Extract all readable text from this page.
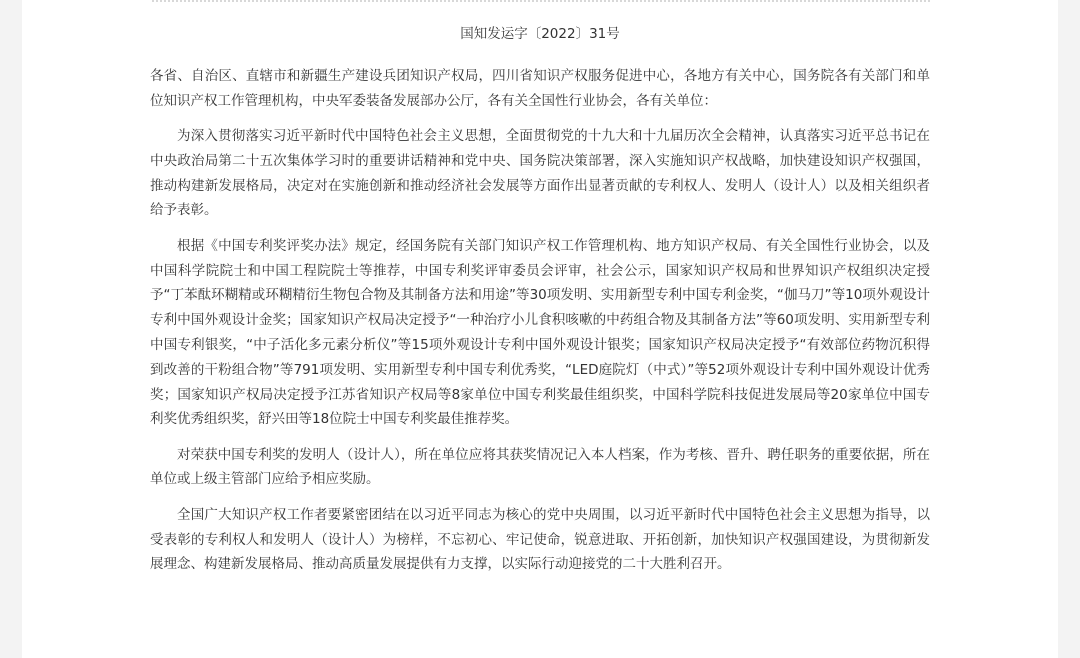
国知发运字〔2022〕31号

各省、自治区、直辖市和新疆生产建设兵团知识产权局，四川省知识产权服务促进中心，各地方有关中心，国务院各有关部门和单位知识产权工作管理机构，中央军委装备发展部办公厅，各有关全国性行业协会，各有关单位：

为深入贯彻落实习近平新时代中国特色社会主义思想，全面贯彻党的十九大和十九届历次全会精神，认真落实习近平总书记在中央政治局第二十五次集体学习时的重要讲话精神和党中央、国务院决策部署，深入实施知识产权战略，加快建设知识产权强国，推动构建新发展格局，决定对在实施创新和推动经济社会发展等方面作出显著贡献的专利权人、发明人（设计人）以及相关组织者给予表彰。

根据《中国专利奖评奖办法》规定，经国务院有关部门知识产权工作管理机构、地方知识产权局、有关全国性行业协会，以及中国科学院院士和中国工程院院士等推荐，中国专利奖评审委员会评审，社会公示，国家知识产权局和世界知识产权组织决定授予“丁苯酞环糊精或环糊精衍生物包合物及其制备方法和用途”等30项发明、实用新型专利中国专利金奖，“伽马刀”等10项外观设计专利中国外观设计金奖；国家知识产权局决定授予“一种治疗小儿食积咳嗽的中药组合物及其制备方法”等60项发明、实用新型专利中国专利银奖，“中子活化多元素分析仪”等15项外观设计专利中国外观设计银奖；国家知识产权局决定授予“有效部位药物沉积得到改善的干粉组合物”等791项发明、实用新型专利中国专利优秀奖，“LED庭院灯（中式）”等52项外观设计专利中国外观设计优秀奖；国家知识产权局决定授予江苏省知识产权局等8家单位中国专利奖最佳组织奖，中国科学院科技促进发展局等20家单位中国专利奖优秀组织奖，舒兴田等18位院士中国专利奖最佳推荐奖。

对荣获中国专利奖的发明人（设计人），所在单位应将其获奖情况记入本人档案，作为考核、晋升、聘任职务的重要依据，所在单位或上级主管部门应给予相应奖励。

全国广大知识产权工作者要紧密团结在以习近平同志为核心的党中央周围，以习近平新时代中国特色社会主义思想为指导，以受表彰的专利权人和发明人（设计人）为榜样，不忘初心、牢记使命，锐意进取、开拓创新，加快知识产权强国建设，为贯彻新发展理念、构建新发展格局、推动高质量发展提供有力支撑，以实际行动迎接党的二十大胜利召开。
